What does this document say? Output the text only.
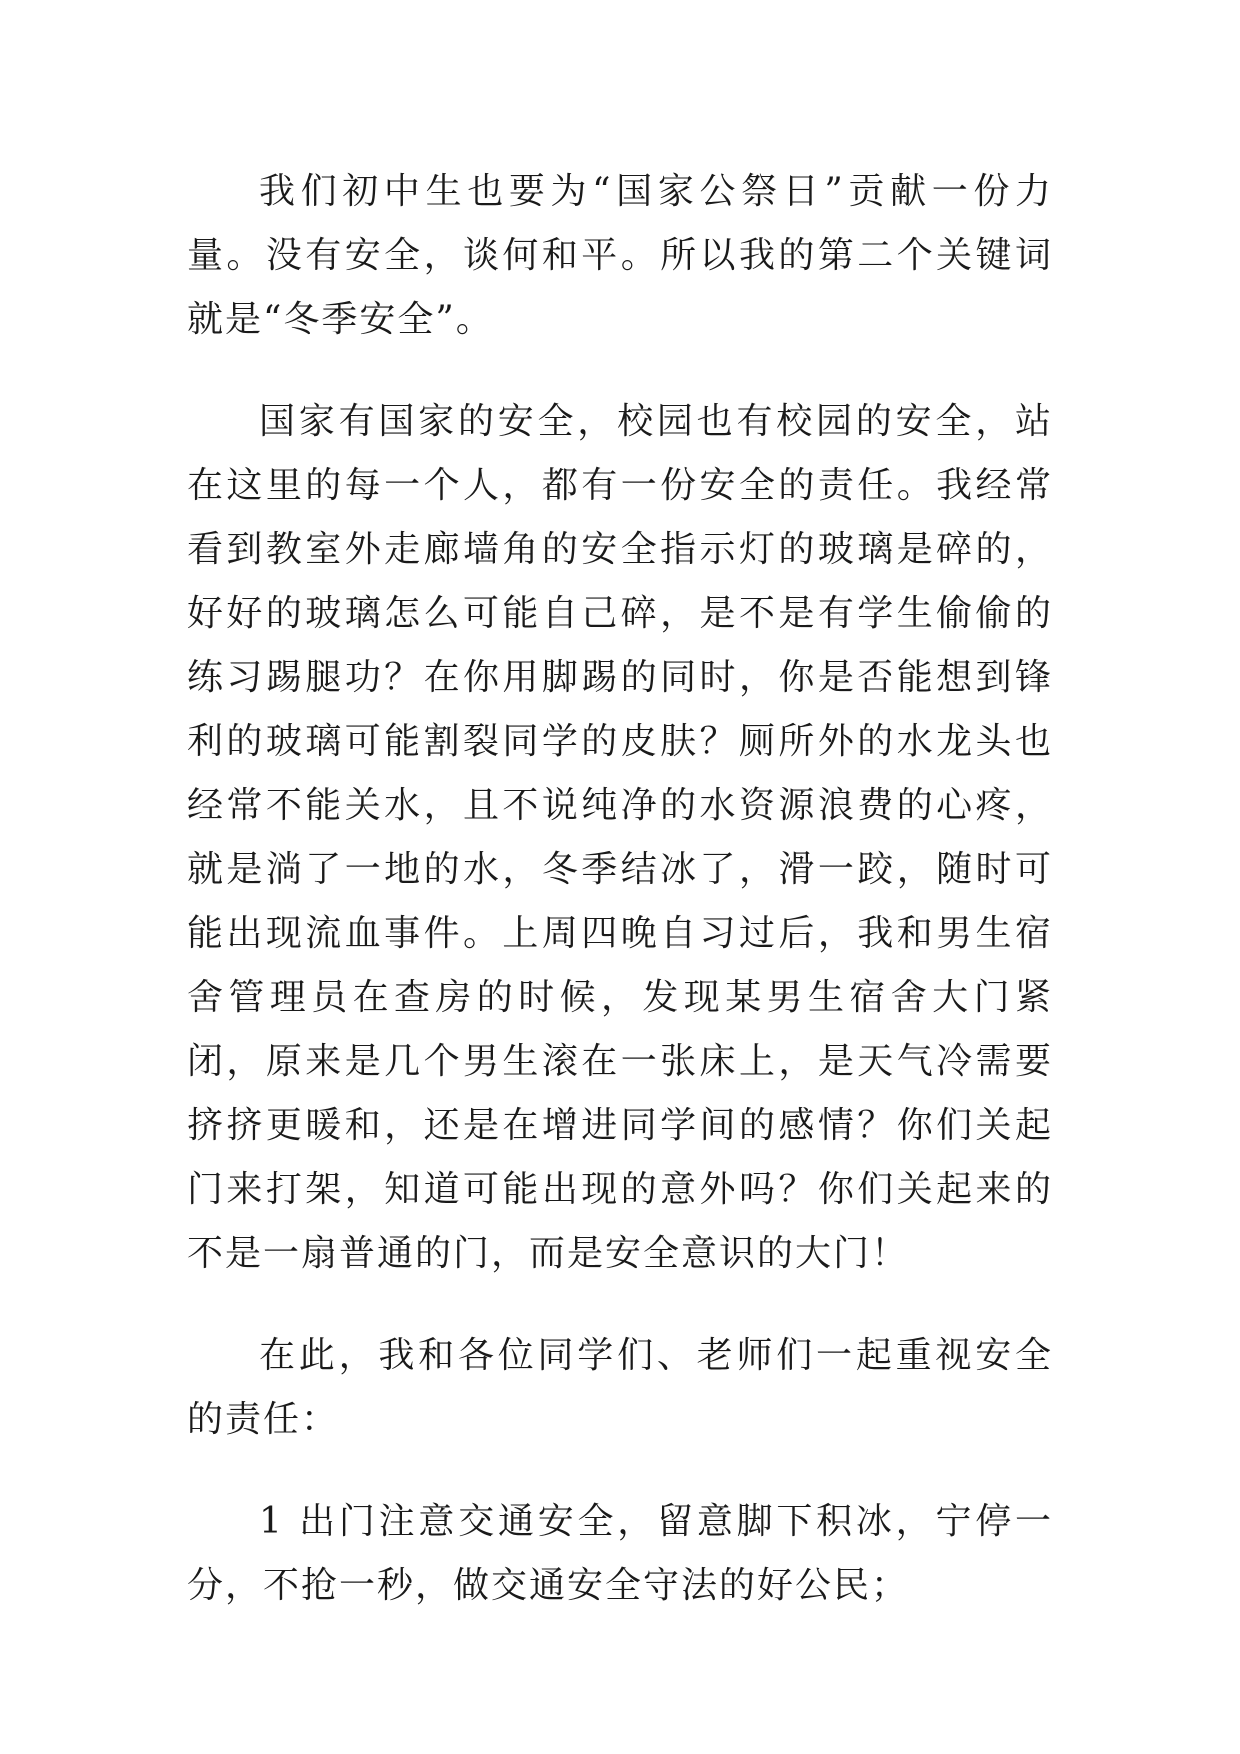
我们初中生也要为“国家公祭日”贡献一份力量。没有安全，谈何和平。所以我的第二个关键词就是“冬季安全”。

国家有国家的安全，校园也有校园的安全，站在这里的每一个人，都有一份安全的责任。我经常看到教室外走廊墙角的安全指示灯的玻璃是碎的，好好的玻璃怎么可能自己碎，是不是有学生偷偷的练习踢腿功？在你用脚踢的同时，你是否能想到锋利的玻璃可能割裂同学的皮肤？厕所外的水龙头也经常不能关水，且不说纯净的水资源浪费的心疼，就是淌了一地的水，冬季结冰了，滑一跤，随时可能出现流血事件。上周四晚自习过后，我和男生宿舍管理员在查房的时候，发现某男生宿舍大门紧闭，原来是几个男生滚在一张床上，是天气冷需要挤挤更暖和，还是在增进同学间的感情？你们关起门来打架，知道可能出现的意外吗？你们关起来的不是一扇普通的门，而是安全意识的大门！

在此，我和各位同学们、老师们一起重视安全的责任：

1 出门注意交通安全，留意脚下积冰，宁停一分，不抢一秒，做交通安全守法的好公民；
